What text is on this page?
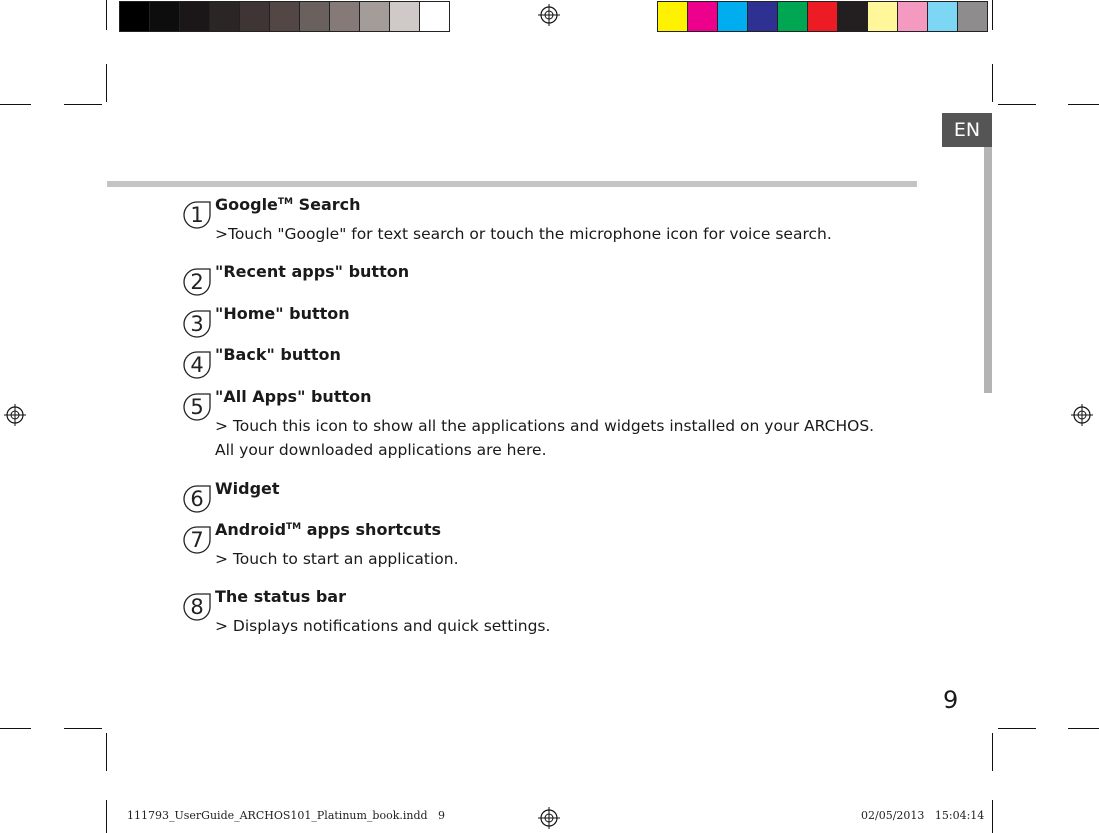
EN
1 Google™ Search
>Touch "Google" for text search or touch the microphone icon for voice search.
2 "Recent apps" button
3 "Home" button
4 "Back" button
5 "All Apps" button
> Touch this icon to show all the applications and widgets installed on your ARCHOS.
All your downloaded applications are here.
6 Widget
7 Android™ apps shortcuts
> Touch to start an application.
8 The status bar
> Displays notifications and quick settings.
9
111793_UserGuide_ARCHOS101_Platinum_book.indd   9	02/05/2013   15:04:14
